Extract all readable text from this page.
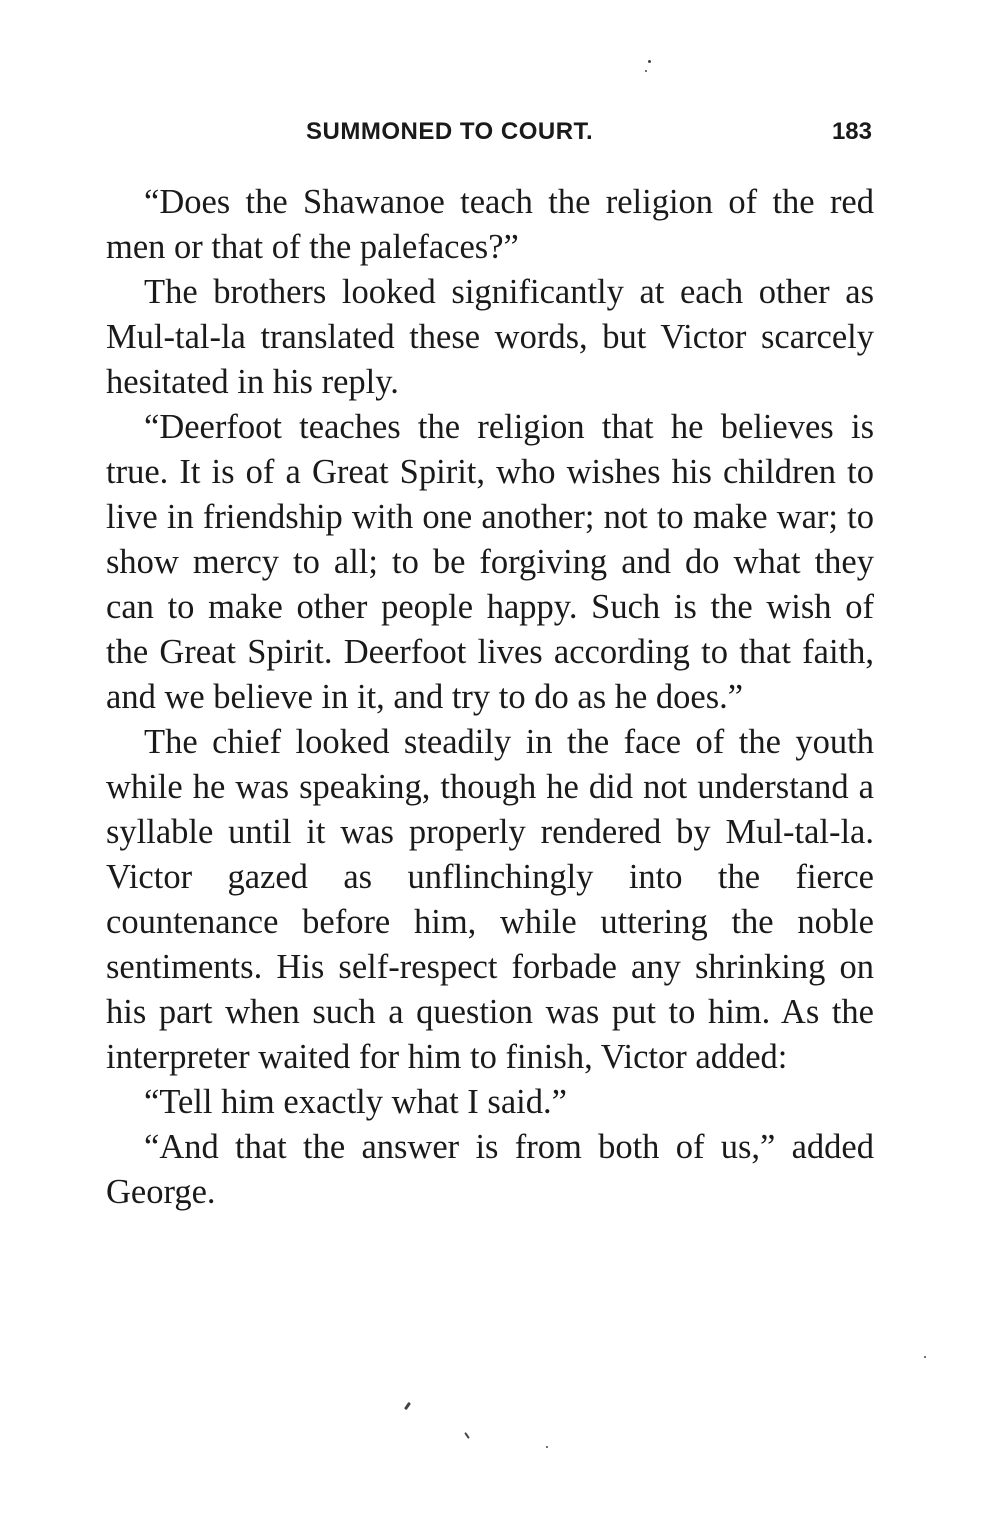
SUMMONED TO COURT.	183

“Does the Shawanoe teach the religion of the red men or that of the palefaces?”

The brothers looked significantly at each other as Mul-tal-la translated these words, but Victor scarcely hesitated in his reply.

“Deerfoot teaches the religion that he believes is true. It is of a Great Spirit, who wishes his children to live in friendship with one another; not to make war; to show mercy to all; to be forgiving and do what they can to make other people happy. Such is the wish of the Great Spirit. Deerfoot lives according to that faith, and we believe in it, and try to do as he does.”

The chief looked steadily in the face of the youth while he was speaking, though he did not understand a syllable until it was properly rendered by Mul-tal-la. Victor gazed as unflinchingly into the fierce countenance before him, while uttering the noble sentiments. His self-respect forbade any shrinking on his part when such a question was put to him. As the interpreter waited for him to finish, Victor added:

“Tell him exactly what I said.”

“And that the answer is from both of us,” added George.
